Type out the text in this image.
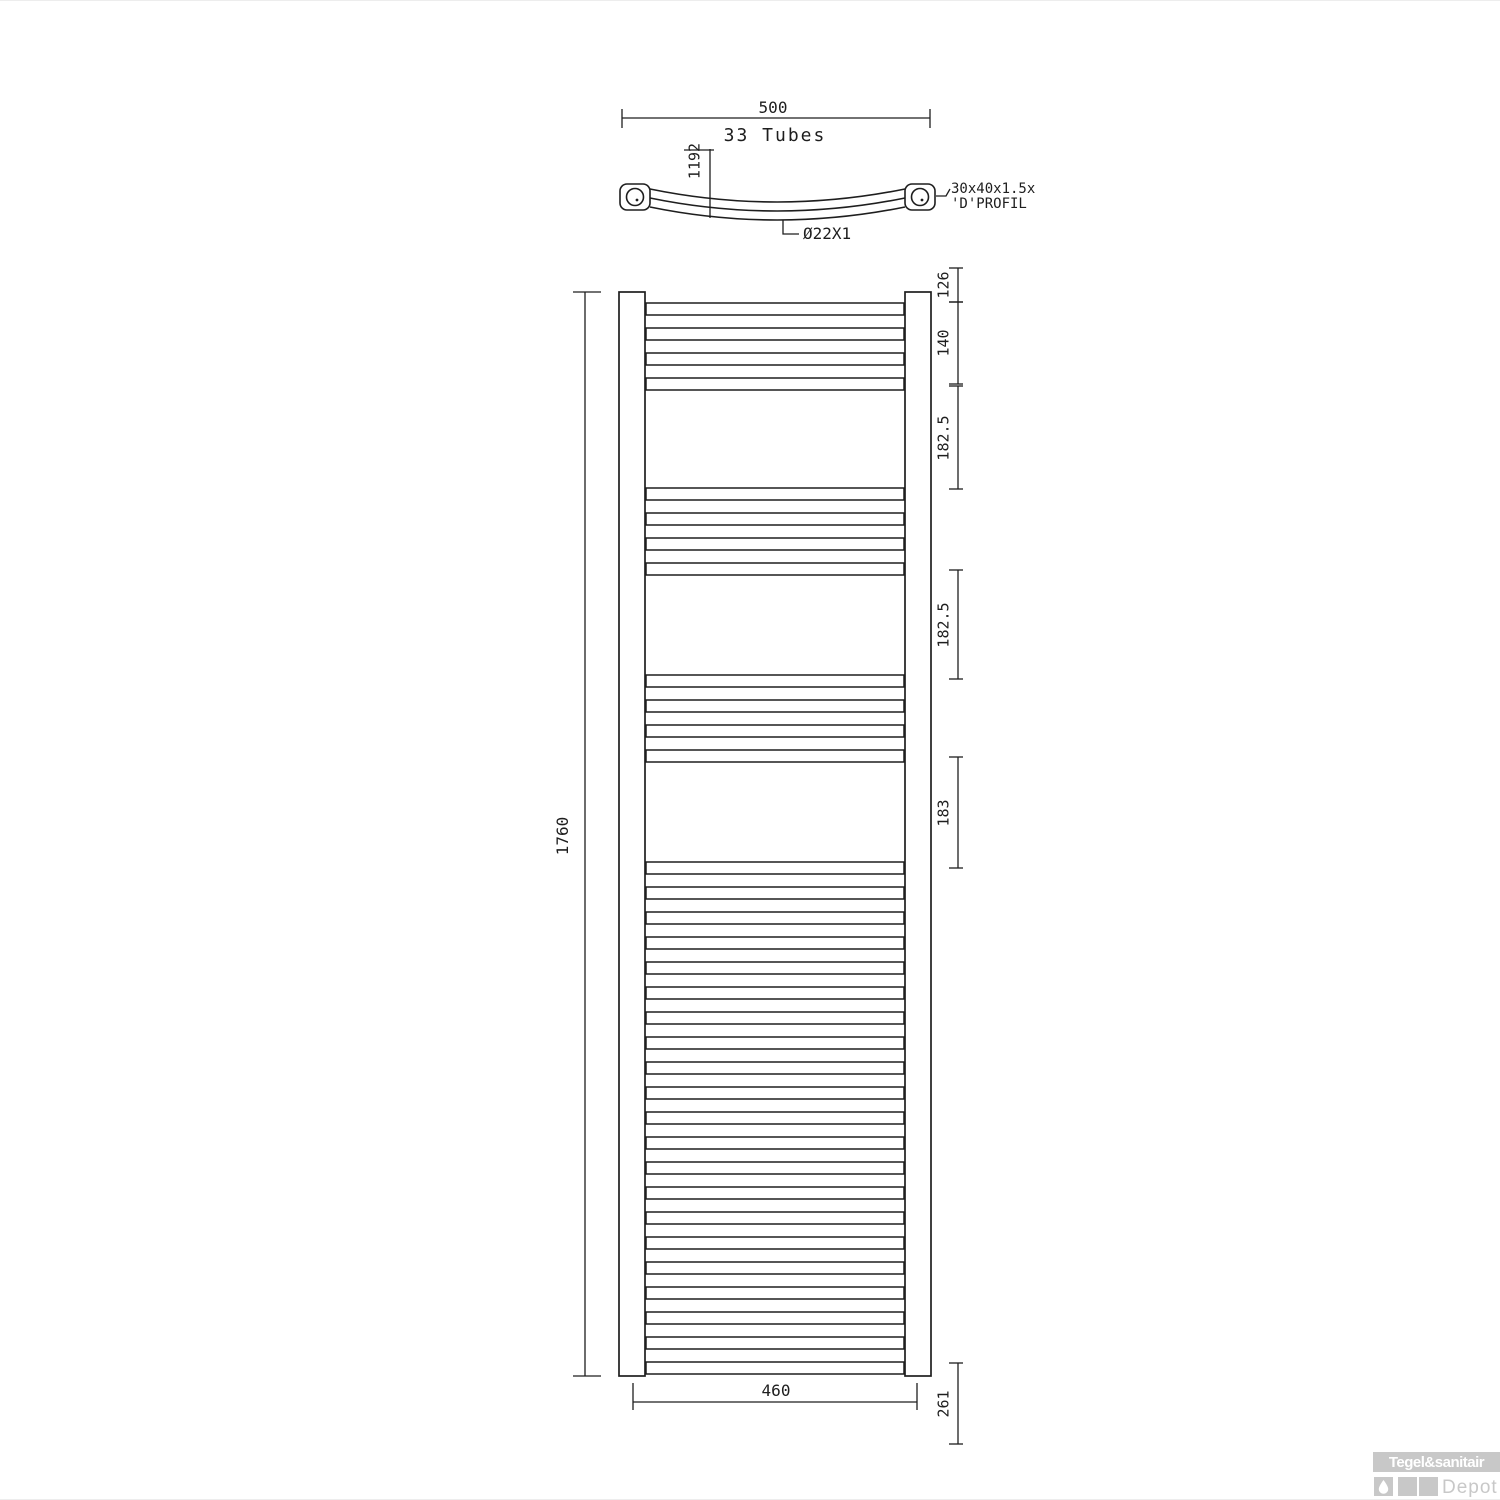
500
33 Tubes
1192
Ø22X1
30x40x1.5x
'D'PROFIL
1760
460
Tegel&sanitair
Depot
126
140
182.5
182.5
183
261
